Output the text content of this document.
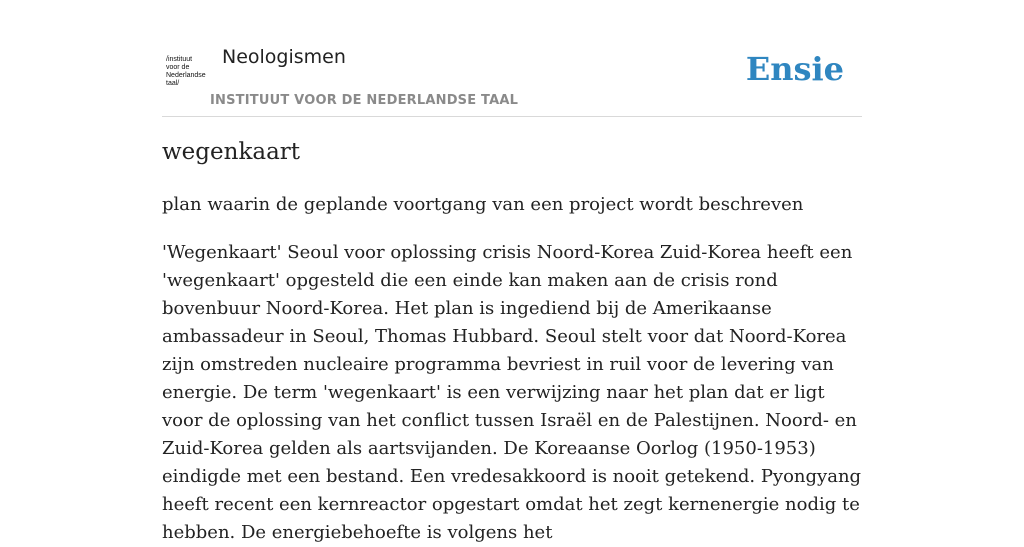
/instituut
voor de
Nederlandse
taal/
Neologismen
INSTITUUT VOOR DE NEDERLANDSE TAAL
Ensie
wegenkaart
plan waarin de geplande voortgang van een project wordt beschreven

'Wegenkaart' Seoul voor oplossing crisis Noord-Korea Zuid-Korea heeft een 'wegenkaart' opgesteld die een einde kan maken aan de crisis rond bovenbuur Noord-Korea. Het plan is ingediend bij de Amerikaanse ambassadeur in Seoul, Thomas Hubbard. Seoul stelt voor dat Noord-Korea zijn omstreden nucleaire programma bevriest in ruil voor de levering van energie. De term 'wegenkaart' is een verwijzing naar het plan dat er ligt voor de oplossing van het conflict tussen Israël en de Palestijnen. Noord- en Zuid-Korea gelden als aartsvijanden. De Koreaanse Oorlog (1950-1953) eindigde met een bestand. Een vredesakkoord is nooit getekend. Pyongyang heeft recent een kernreactor opgestart omdat het zegt kernenergie nodig te hebben. De energiebehoefte is volgens het
